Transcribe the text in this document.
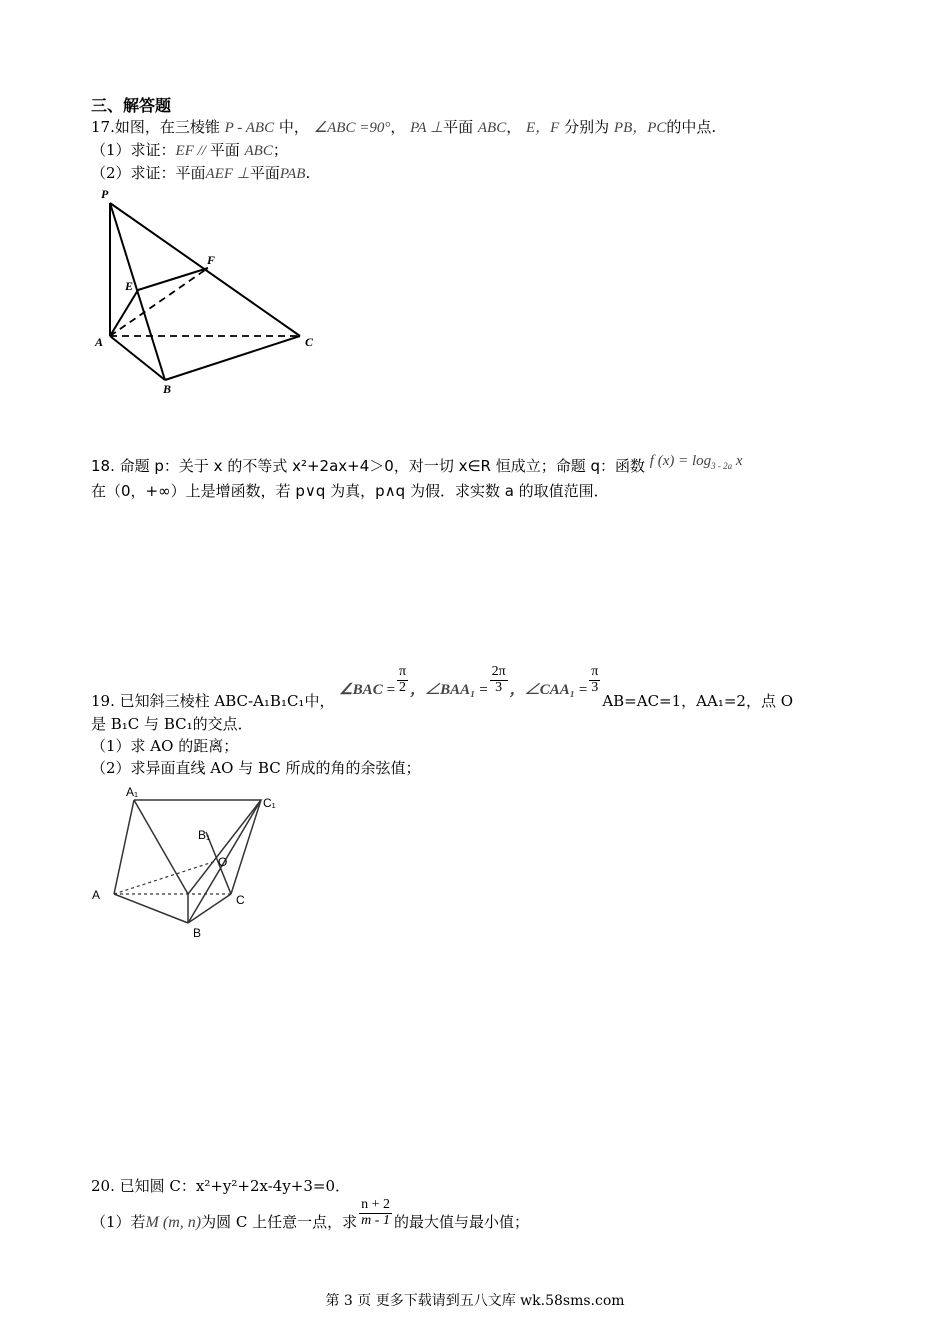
三、解答题
17.如图，在三棱锥 P - ABC 中， ∠ABC =90°， PA ⊥平面 ABC， E，F 分别为 PB，PC的中点.
（1）求证：EF // 平面 ABC；
（2）求证：平面AEF ⊥平面PAB.
P
F
E
A	C
B
18. 命题 p：关于 x 的不等式 x²+2ax+4＞0，对一切 x∈R 恒成立；命题 q：函数 f (x) = log3 - 2a x
在（0，+∞）上是增函数，若 p∨q 为真，p∧q 为假．求实数 a 的取值范围．
19. 已知斜三棱柱 ABC-A₁B₁C₁中， ∠BAC = $\frac{\pi}{2}$ ，∠BAA₁ = $\frac{2\pi}{3}$ ，∠CAA₁ = $\frac{\pi}{3}$
AB=AC=1，AA₁=2，点 O
是 B₁C 与 BC₁的交点．
（1）求 AO 的距离；
（2）求异面直线 AO 与 BC 所成的角的余弦值；
A₁
C₁
B₁
O
A	C
B
20. 已知圆 C：x²+y²+2x-4y+3=0．
（1）若M (m, n)为圆 C 上任意一点，求 $\frac{n + 2}{m - 1}$ 的最大值与最小值；
第 3 页 更多下载请到五八文库 wk.58sms.com
